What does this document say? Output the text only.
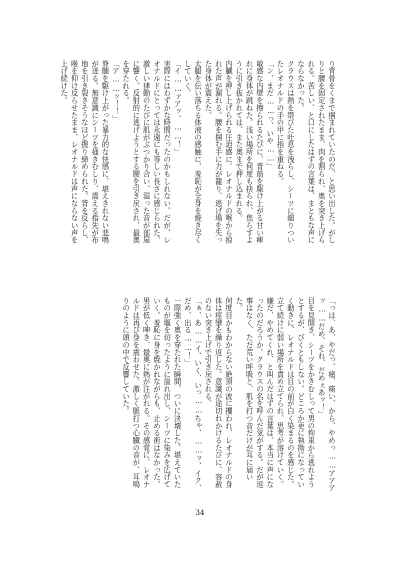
り背骨をくまで掴まれていたのだ、と思い出した。がしりと腰を固定されたまま、肉を割られ、奥を突き上げられる。苦しい、と口にしたはずの言葉は、まともな声にならなかった。
クラウスは熱を帯びた吐息を洩らし、シーツに縋りついたレオナルドの手の甲に指を重ねる。
「ン、まだ……っ、いや……」
敏感な内壁を擦られるたびに、背筋を駆け上がる甘い痺れに身体が跳ねた。浅い場所を何度も抉られ、焦らすように引き抜かれては、また奥まで押し込まれる。
内臓を押し上げられる圧迫感に、レオナルドの喉から掠れた声が漏れる。腰を掴む手に力が籠り、逃げ場を失った身体が震えた。
太腿を伝い落ちる体液の感触に、羞恥が全身を焼き尽くしていく。
「イ……ァアッ、……！」
実際にはわずかな時間だったのかもしれない。だが、レオナルドにとっては永遠にも等しい長さに感じられた。激しい律動のたびに肌がぶつかり合い、湿った音が部屋に響く。反射的に逃げようとする腰を引き戻され、最奥を穿たれる。
「ア……ッ！！」
脊髄を駆け上がった暴力的な快感に、堪えきれない悲鳴が迸る。無意識にシーツを掻きむしり、震える指先が布地を引き裂きそうなほど握り締められた。背を反らし、喉を仰け反らせたまま、レオナルドは声にならない声を上げ続けた。
「っは、あ、やだっ、痛、痛い、から、やめっ……アアアッ……だめ、それ、だめぇあッ！」
目を見開き、シーツをかきむしって男の拘束から逃れようとするが、びくともしない。どころか更に執拗になっていく動きに、レオナルドは目の前が白く染まるのを感じた。
立て続けに弱い場所を責め立てられ、思考が溶けていく。
嫌だ、やめてくれ、と叫んだはずの言葉は、本当に声になったのだろうか。クラウスの名を呼んだ気がする。だが返事はなく、ただ荒い呼吸と、肌を打つ音だけが耳に届いた。
何度目かもわからない絶頂の波に攫われ、レオナルドの身体は痙攣を繰り返した。意識が途切れかけるたびに、容赦のない突き上げで引き戻される。
「ぁ、あ……イ、いく、いっ……ちゃ、……ッ、イク、だめ、出る……！」
一際強く奥を穿たれた瞬間、ついに決壊した。堪えていたものが堰を切ったように溢れ出し、シーツに染みを広げていく。羞恥に身を焼かれながらも、止める術はなかった。
男が低く呻き、最奥に熱が注がれる。その感覚に、レオナルドは再び身を震わせた。激しく脈打つ心臓の音が、耳鳴りのように頭の中で反響していた。
34
